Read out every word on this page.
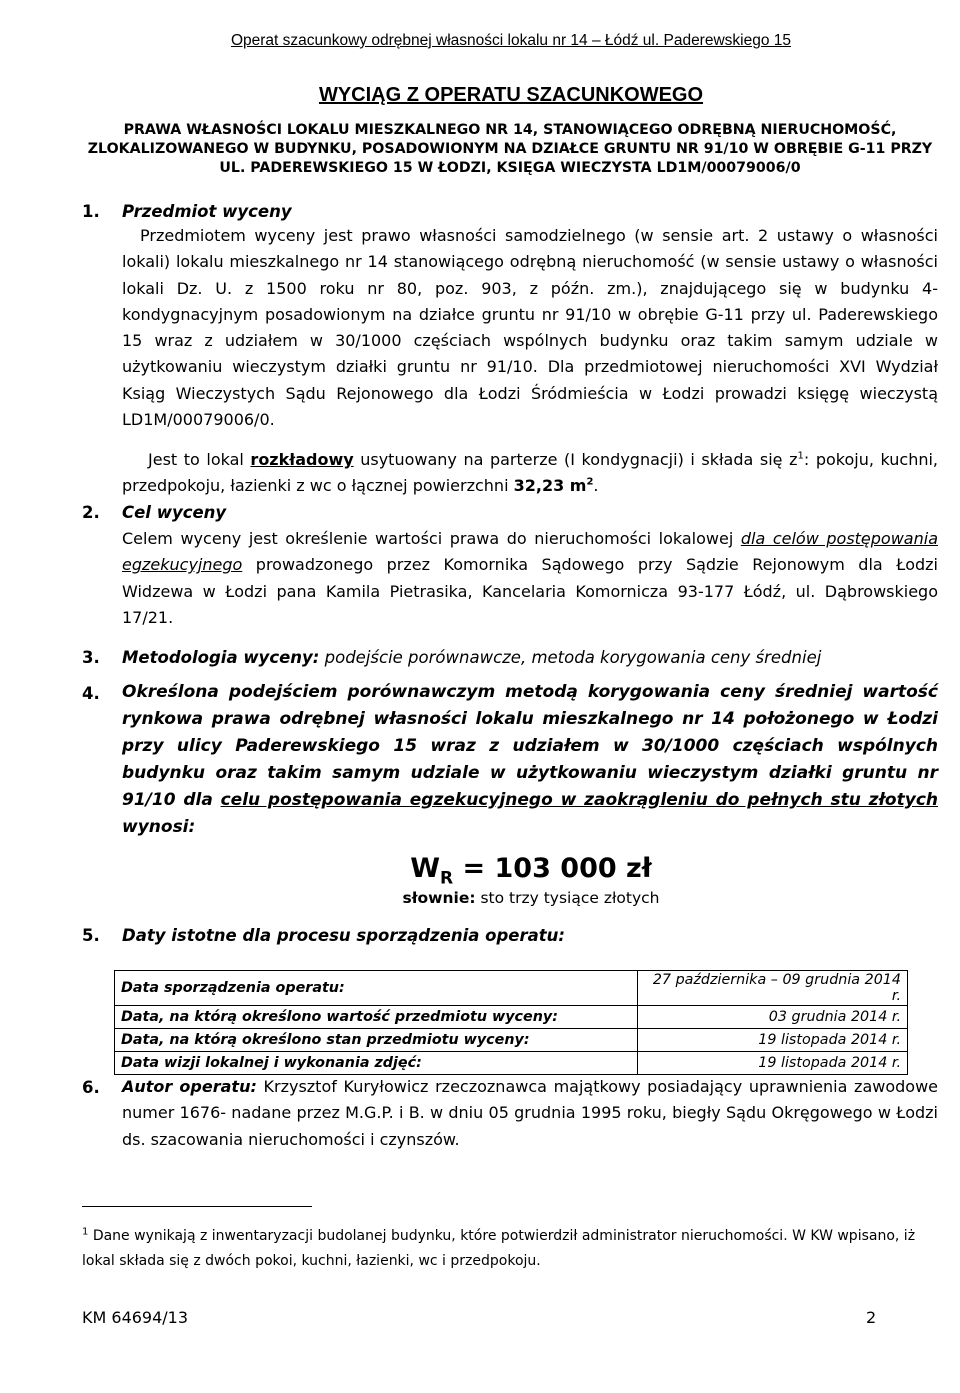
Operat szacunkowy odrębnej własności lokalu nr 14 – Łódź ul. Paderewskiego 15
WYCIĄG Z OPERATU SZACUNKOWEGO
PRAWA WŁASNOŚCI LOKALU MIESZKALNEGO NR 14, STANOWIĄCEGO ODRĘBNĄ NIERUCHOMOŚĆ, ZLOKALIZOWANEGO W BUDYNKU, POSADOWIONYM NA DZIAŁCE GRUNTU NR 91/10 W OBRĘBIE G-11 PRZY UL. PADEREWSKIEGO 15 W ŁODZI, KSIĘGA WIECZYSTA LD1M/00079006/0
1. Przedmiot wyceny
Przedmiotem wyceny jest prawo własności samodzielnego (w sensie art. 2 ustawy o własności lokali) lokalu mieszkalnego nr 14 stanowiącego odrębną nieruchomość (w sensie ustawy o własności lokali Dz. U. z 1500 roku nr 80, poz. 903, z późn. zm.), znajdującego się w budynku 4-kondygnacyjnym posadowionym na działce gruntu nr 91/10 w obrębie G-11 przy ul. Paderewskiego 15 wraz z udziałem w 30/1000 częściach wspólnych budynku oraz takim samym udziale w użytkowaniu wieczystym działki gruntu nr 91/10. Dla przedmiotowej nieruchomości XVI Wydział Ksiąg Wieczystych Sądu Rejonowego dla Łodzi Śródmieścia w Łodzi prowadzi księgę wieczystą LD1M/00079006/0.
Jest to lokal rozkładowy usytuowany na parterze (I kondygnacji) i składa się $z^1$: pokoju, kuchni, przedpokoju, łazienki z wc o łącznej powierzchni 32,23 $m^2$.
2. Cel wyceny
Celem wyceny jest określenie wartości prawa do nieruchomości lokalowej dla celów postępowania egzekucyjnego prowadzonego przez Komornika Sądowego przy Sądzie Rejonowym dla Łodzi Widzewa w Łodzi pana Kamila Pietrasika, Kancelaria Komornicza 93-177 Łódź, ul. Dąbrowskiego 17/21.
3. Metodologia wyceny: podejście porównawcze, metoda korygowania ceny średniej
4. Określona podejściem porównawczym metodą korygowania ceny średniej wartość rynkowa prawa odrębnej własności lokalu mieszkalnego nr 14 położonego w Łodzi przy ulicy Paderewskiego 15 wraz z udziałem w 30/1000 częściach wspólnych budynku oraz takim samym udziale w użytkowaniu wieczystym działki gruntu nr 91/10 dla celu postępowania egzekucyjnego w zaokrągleniu do pełnych stu złotych wynosi:
$W_R = 103$ 000 zł
słownie: sto trzy tysiące złotych
5. Daty istotne dla procesu sporządzenia operatu:
Data sporządzenia operatu:	27 października – 09 grudnia 2014 r.
Data, na którą określono wartość przedmiotu wyceny:	03 grudnia 2014 r.
Data, na którą określono stan przedmiotu wyceny:	19 listopada 2014 r.
Data wizji lokalnej i wykonania zdjęć:	19 listopada 2014 r.
6. Autor operatu: Krzysztof Kuryłowicz rzeczoznawca majątkowy posiadający uprawnienia zawodowe numer 1676- nadane przez M.G.P. i B. w dniu 05 grudnia 1995 roku, biegły Sądu Okręgowego w Łodzi ds. szacowania nieruchomości i czynszów.
$^1$ Dane wynikają z inwentaryzacji budolanej budynku, które potwierdził administrator nieruchomości. W KW wpisano, iż lokal składa się z dwóch pokoi, kuchni, łazienki, wc i przedpokoju.
KM 64694/13	2
